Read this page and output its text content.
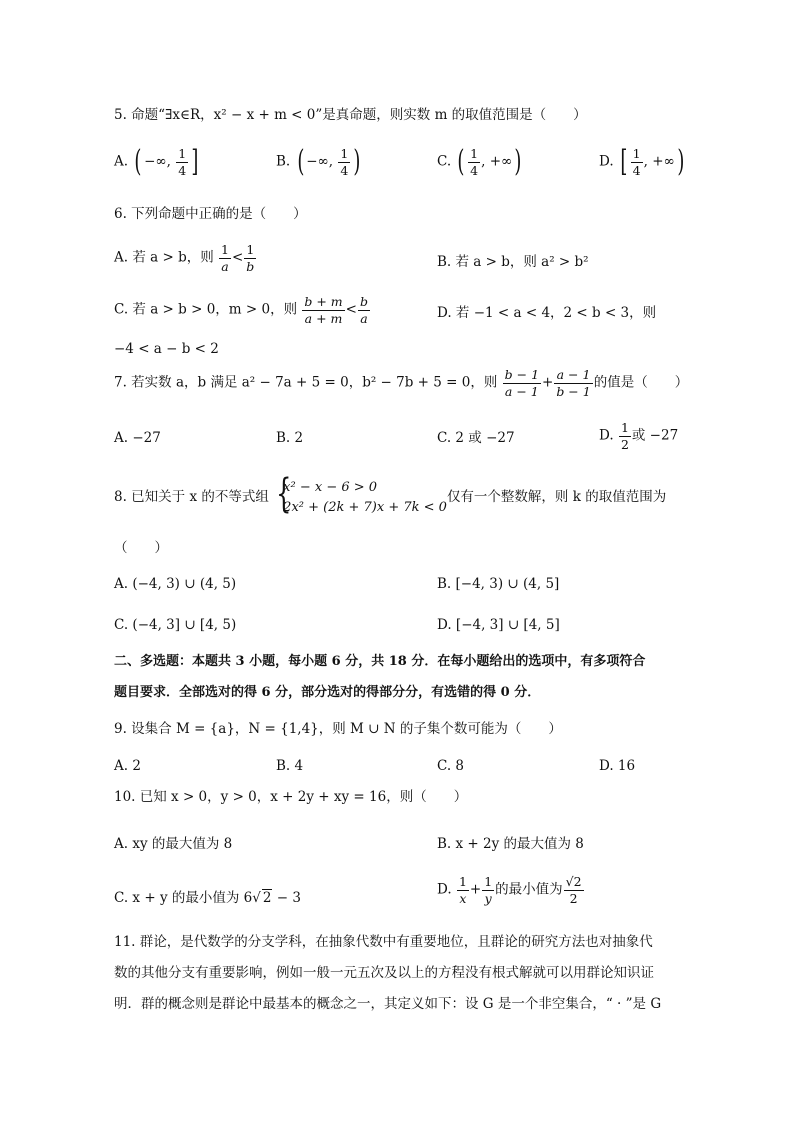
5. 命题“∃x∈R，x² − x + m < 0”是真命题，则实数 m 的取值范围是（　　）
A. ( −∞, $\frac{1}{4}$ ]	B. ( −∞, $\frac{1}{4}$ )	C. ( $\frac{1}{4}$ , +∞)	D. [ $\frac{1}{4}$ , +∞)
6. 下列命题中正确的是（　　）
A. 若 a > b，则 $\frac{1}{a} < \frac{1}{b}$	B. 若 a > b，则 a² > b²
C. 若 a > b > 0，m > 0，则 $\frac{b + m}{a + m} < \frac{b}{a}$	D. 若 −1 < a < 4，2 < b < 3，则
−4 < a − b < 2
7. 若实数 a，b 满足 a² − 7a + 5 = 0，b² − 7b + 5 = 0，则 $\frac{b - 1}{a - 1} + \frac{a - 1}{b - 1}$ 的值是（　　）
A. −27	B. 2	C. 2 或 −27	D. $\frac{1}{2}$ 或 −27
8. 已知关于 x 的不等式组 {
x² − x − 6 > 0
2x² + (2k + 7)x + 7k < 0
仅有一个整数解，则 k 的取值范围为
（　　）
A. (−4, 3) ∪ (4, 5)	B. [−4, 3) ∪ (4, 5]
C. (−4, 3] ∪ [4, 5)	D. [−4, 3] ∪ [4, 5]
二、多选题：本题共 3 小题，每小题 6 分，共 18 分．在每小题给出的选项中，有多项符合
题目要求．全部选对的得 6 分，部分选对的得部分分，有选错的得 0 分．
9. 设集合 M = {a}，N = {1,4}，则 M ∪ N 的子集个数可能为（　　）
A. 2	B. 4	C. 8	D. 16
10. 已知 x > 0，y > 0，x + 2y + xy = 16，则（　　）
A. xy 的最大值为 8	B. x + 2y 的最大值为 8
C. x + y 的最小值为 6√ 2 − 3
D. $\frac{1}{x} + \frac{1}{y}$ 的最小值为 $\frac{√2}{2}$
11. 群论，是代数学的分支学科，在抽象代数中有重要地位，且群论的研究方法也对抽象代
数的其他分支有重要影响，例如一般一元五次及以上的方程没有根式解就可以用群论知识证
明．群的概念则是群论中最基本的概念之一，其定义如下：设 G 是一个非空集合，“ · ”是 G
